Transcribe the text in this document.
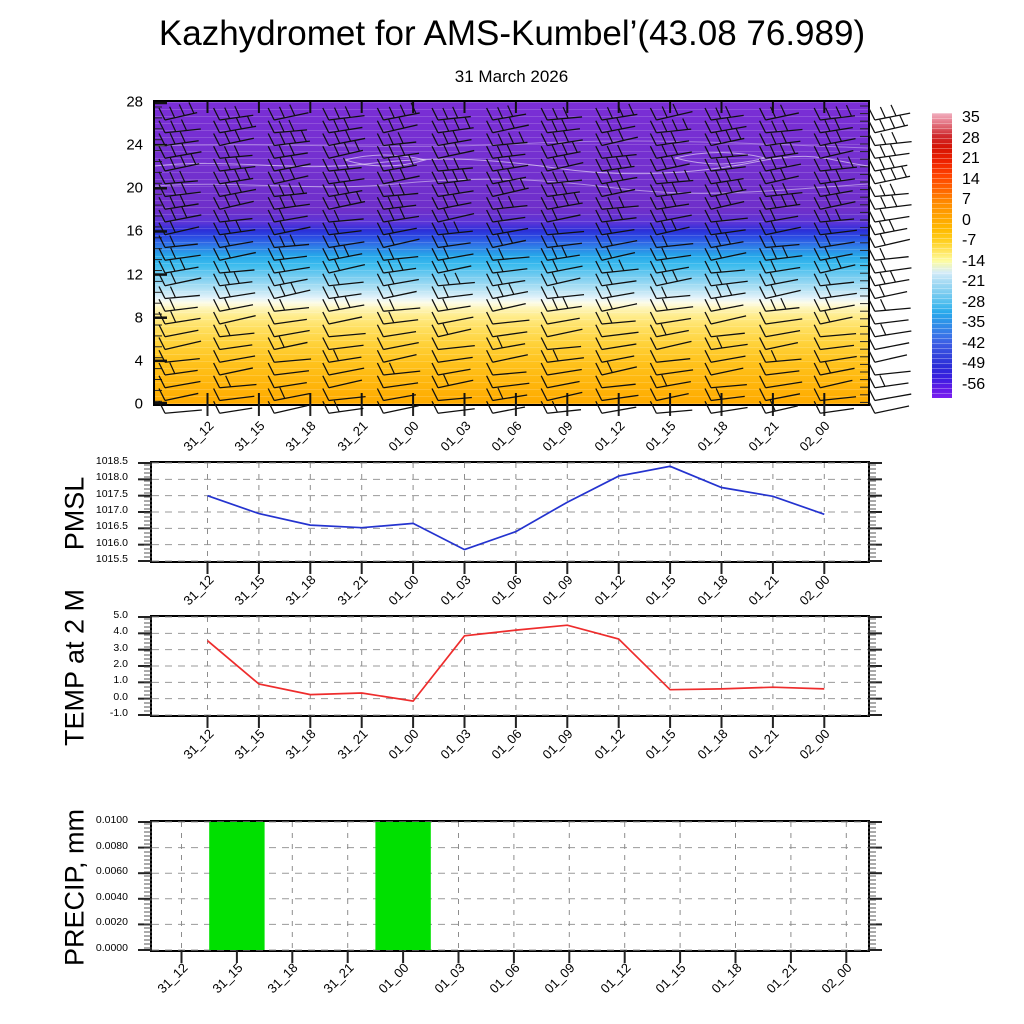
Kazhydromet for AMS-Kumbel’(43.08 76.989)
31 March 2026
PMSL
TEMP at 2 M
PRECIP, mm
31_12	31_15	31_18	31_21	01_00	01_03	01_06	01_09	01_12	01_15	01_18	01_21	02_00
31_12	31_15	31_18	31_21	01_00	01_03	01_06	01_09	01_12	01_15	01_18	01_21	02_00
31_12	31_15	31_18	31_21	01_00	01_03	01_06	01_09	01_12	01_15	01_18	01_21	02_00
31_12	31_15	31_18	31_21	01_00	01_03	01_06	01_09	01_12	01_15	01_18	01_21	02_00
35
28
21
14
7
0
-7
-14
-21
-28
-35
-42
-49
-56
1015.5
1016.0
1016.5
1017.0
1017.5
1018.0
1018.5
-1.0
0.0
1.0
2.0
3.0
4.0
5.0
0.0000
0.0020
0.0040
0.0060
0.0080
0.0100
0
4
8
12
16
20
24
28
